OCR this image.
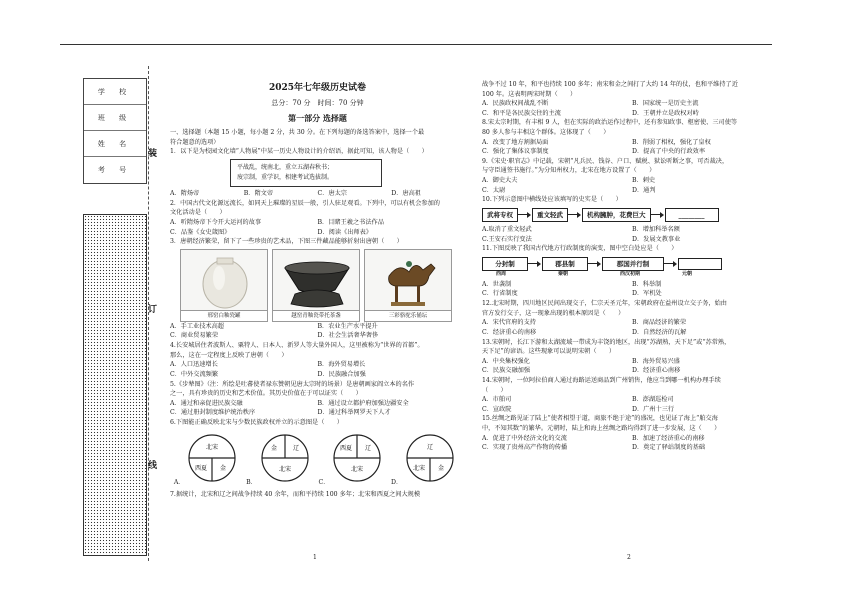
学 校
班 级
姓 名
考 号
装
订
线
2025年七年级历史试卷
总分：70 分　时间：70 分钟
第一部分 选择题

一、选择题（本题 15 小题，每小题 2 分，共 30 分。在下列每题的备选答案中，选择一个最

符合题意的选项）

1．以下是为校园文化墙“人物展”中某一历史人物设计的介绍语，据此可知，该人物是（　　）

平战乱，统南北，重立五湖春秋书；

废宗制，重学识，相建考试选拔制。

A．隋炀帝	B．隋文帝	C．唐太宗	D．唐高祖

2．中国古代文化源远流长，如同天上璀璨的星辰一般，引人驻足观看。下列中，可以有机会参加的

文化活动是（　　）

A．听隋炀帝下令开大运河的故事	B．目睹王羲之书法作品
C．品鉴《女史箴图》	D．阅读《出师表》

3．唐朝经济繁荣，留下了一些珍贵的艺术品，下图三件藏品能够折射出唐朝（　　）

邢窑白釉瓷罐	越窑青釉瓷带托茶盏	三彩骆驼乐俑坛
A．手工业技术高超	B．农业生产水平提升
C．商业贸易繁荣	D．社会生活奢华奢侈

4.长安城居住者波斯人、粟特人、日本人、新罗人等大量外国人，这里被称为“世界的首都”。

那么，这在一定程度上反映了唐朝（　　）

A．人口迅速增长	B．海外贸易增长
C．中外交流频繁	D．民族融合加强

5.《步辇图》（注：所绘是吐蕃使者禄东赞朝见唐太宗时的场景）是唐朝画家阎立本的名作

之一，具有珍贵的历史和艺术价值。其历史价值在于可以证实（　　）

A．通过和亲促进民族交融	B．通过设立都护府加强边疆安全
C．通过册封制度维护统治秩序	D．通过科举网罗天下人才

6.下图能正确反映北宋与少数民族政权并立的示意图是（　　）

A．
北宋
西夏 金
B．
金	辽
北宋
C．
西夏 辽
北宋
D．
辽
北宋 金

7.据统计，北宋和辽之间战争持续 40 余年，而和平持续 100 多年；北宋和西夏之间大规模

1

战争不过 10 年，和平也持续 100 多年；南宋和金之间打了大约 14 年的仗，也和平维持了近

100 年。这表明两宋时期（　　）

A．民族政权间战乱不断	B．国家统一是历史主流
C．和平是各民族交往的主流	D．王朝并立是政权对峙

8.宋太宗时期，有丰相 9 人，但在实际的政治运作过程中，还有参知政事、枢密使、三司使等

80 多人参与丰相这个群体。这体现了（　　）

A．改变了地方割据局面	B．削弱了相权，强化了皇权
C．强化了集体议事制度	D．提高了中央的行政效率

9.《宋史·职官志》中记载，宋朝“凡兵民、钱谷、户口、赋税、狱讼听断之事，可否裁决，

与守臣通签书施行。”为分知州权力，北宋在地方设置了（　　）

A．御史大夫	B．刺史
C．太尉	D．通判

10.下列示意图中横线处应该填写的史实是（　　）

武将专权	重文轻武	机构臃肿，花费巨大	________
A.取消了重文轻武	B．增加科举名额
C.王安石实行变法	D．发展文教事业

11.下图反映了我国古代地方行政制度的演变，图中空白处应是（　　）

分封制	郡县制	郡国并行制
西周	秦朝	西汉初期	元朝
A．世袭制	B．科举制
C．行省制度	D．军机处

12.北宋时期，四川地区民间出现交子，仁宗天圣元年，宋朝政府在益州设立交子务，始由

官方发行交子，这一现象出现的根本原因是（　　）

A．宋代官府的支持	B．商品经济的繁荣
C．经济重心的南移	D．自然经济的瓦解

13.宋朝时，长江下游和太湖流域一带成为丰饶的地区，出现“苏湖熟，天下足”或“苏常熟，

天下足”的谚语。这些现象可以说明宋朝（　　）

A．中央集权强化	B．海外贸易兴盛
C．民族交融加强	D．经济重心南移

14.宋朝时，一位阿拉伯商人通过海路运送商品到广州销售，他应当到哪一机构办理手续

（　　）

A．市舶司	B．澎湖巡检司
C．宣政院	D．广州十三行

15.丝绸之路见证了陆上“使者相望于道，商旅不绝于途”的盛况，也见证了海上“舶交海

中，不知其数”的繁华。元朝时，陆上和海上丝绸之路均得到了进一步发展，这（　　）

A．促进了中外经济文化的交流	B．加速了经济重心的南移
C．实现了贵州高产作物的传播	D．奠定了驿站制度的基础
2
